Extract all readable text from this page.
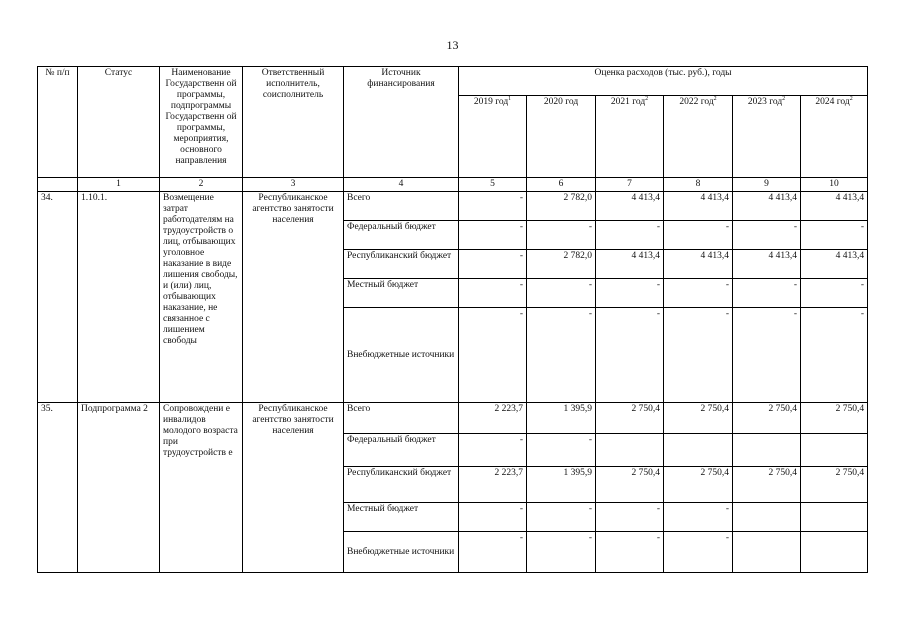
13
№ п/п	Статус	Наименование Государственн ой программы, подпрограммы Государственн ой программы, мероприятия, основного направления	Ответственный исполнитель, соисполнитель	Источник финансирования	Оценка расходов (тыс. руб.), годы					
					2019 год$^1$	2020 год	2021 год$^2$	2022 год$^2$	2023 год$^2$	2024 год$^2$
	1	2	3	4	5	6	7	8	9	10
34.	1.10.1.	Возмещение затрат работодателям на трудоустройств о лиц, отбывающих уголовное наказание в виде лишения свободы, и (или) лиц, отбывающих наказание, не связанное с лишением свободы	Республиканское агентство занятости населения	Всего	-	2 782,0	4 413,4	4 413,4	4 413,4	4 413,4
				Федеральный бюджет	-	-	-	-	-	-
				Республиканский бюджет	-	2 782,0	4 413,4	4 413,4	4 413,4	4 413,4
				Местный бюджет	-	-	-	-	-	-
				Внебюджетные источники	-	-	-	-	-	-
35.	Подпрограмма 2	Сопровождени е инвалидов молодого возраста при трудоустройств е	Республиканское агентство занятости населения	Всего	2 223,7	1 395,9	2 750,4	2 750,4	2 750,4	2 750,4
				Федеральный бюджет	-	-				
				Республиканский бюджет	2 223,7	1 395,9	2 750,4	2 750,4	2 750,4	2 750,4
				Местный бюджет	-	-	-	-		
				Внебюджетные источники	-	-	-	-		
